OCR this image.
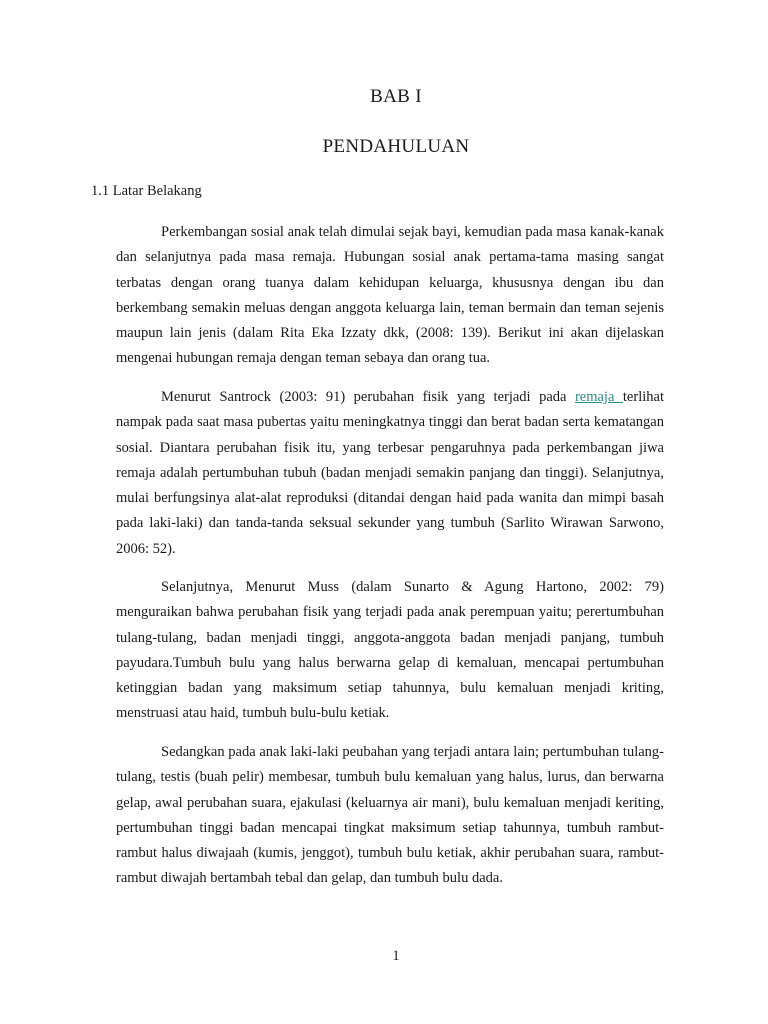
BAB I
PENDAHULUAN
1.1 Latar Belakang

Perkembangan sosial anak telah dimulai sejak bayi, kemudian pada masa kanak-kanak dan selanjutnya pada masa remaja. Hubungan sosial anak pertama-tama masing sangat terbatas dengan orang tuanya dalam kehidupan keluarga, khususnya dengan ibu dan berkembang semakin meluas dengan anggota keluarga lain, teman bermain dan teman sejenis maupun lain jenis (dalam Rita Eka Izzaty dkk, (2008: 139). Berikut ini akan dijelaskan mengenai hubungan remaja dengan teman sebaya dan orang tua.

Menurut Santrock (2003: 91) perubahan fisik yang terjadi pada remaja terlihat nampak pada saat masa pubertas yaitu meningkatnya tinggi dan berat badan serta kematangan sosial. Diantara perubahan fisik itu, yang terbesar pengaruhnya pada perkembangan jiwa remaja adalah pertumbuhan tubuh (badan menjadi semakin panjang dan tinggi). Selanjutnya, mulai berfungsinya alat-alat reproduksi (ditandai dengan haid pada wanita dan mimpi basah pada laki-laki) dan tanda-tanda seksual sekunder yang tumbuh (Sarlito Wirawan Sarwono, 2006: 52).

Selanjutnya, Menurut Muss (dalam Sunarto & Agung Hartono, 2002: 79) menguraikan bahwa perubahan fisik yang terjadi pada anak perempuan yaitu; perertumbuhan tulang-tulang, badan menjadi tinggi, anggota-anggota badan menjadi panjang, tumbuh payudara.Tumbuh bulu yang halus berwarna gelap di kemaluan, mencapai pertumbuhan ketinggian badan yang maksimum setiap tahunnya, bulu kemaluan menjadi kriting, menstruasi atau haid, tumbuh bulu-bulu ketiak.

Sedangkan pada anak laki-laki peubahan yang terjadi antara lain; pertumbuhan tulang-tulang, testis (buah pelir) membesar, tumbuh bulu kemaluan yang halus, lurus, dan berwarna gelap, awal perubahan suara, ejakulasi (keluarnya air mani), bulu kemaluan menjadi keriting, pertumbuhan tinggi badan mencapai tingkat maksimum setiap tahunnya, tumbuh rambut-rambut halus diwajaah (kumis, jenggot), tumbuh bulu ketiak, akhir perubahan suara, rambut-rambut diwajah bertambah tebal dan gelap, dan tumbuh bulu dada.

1
